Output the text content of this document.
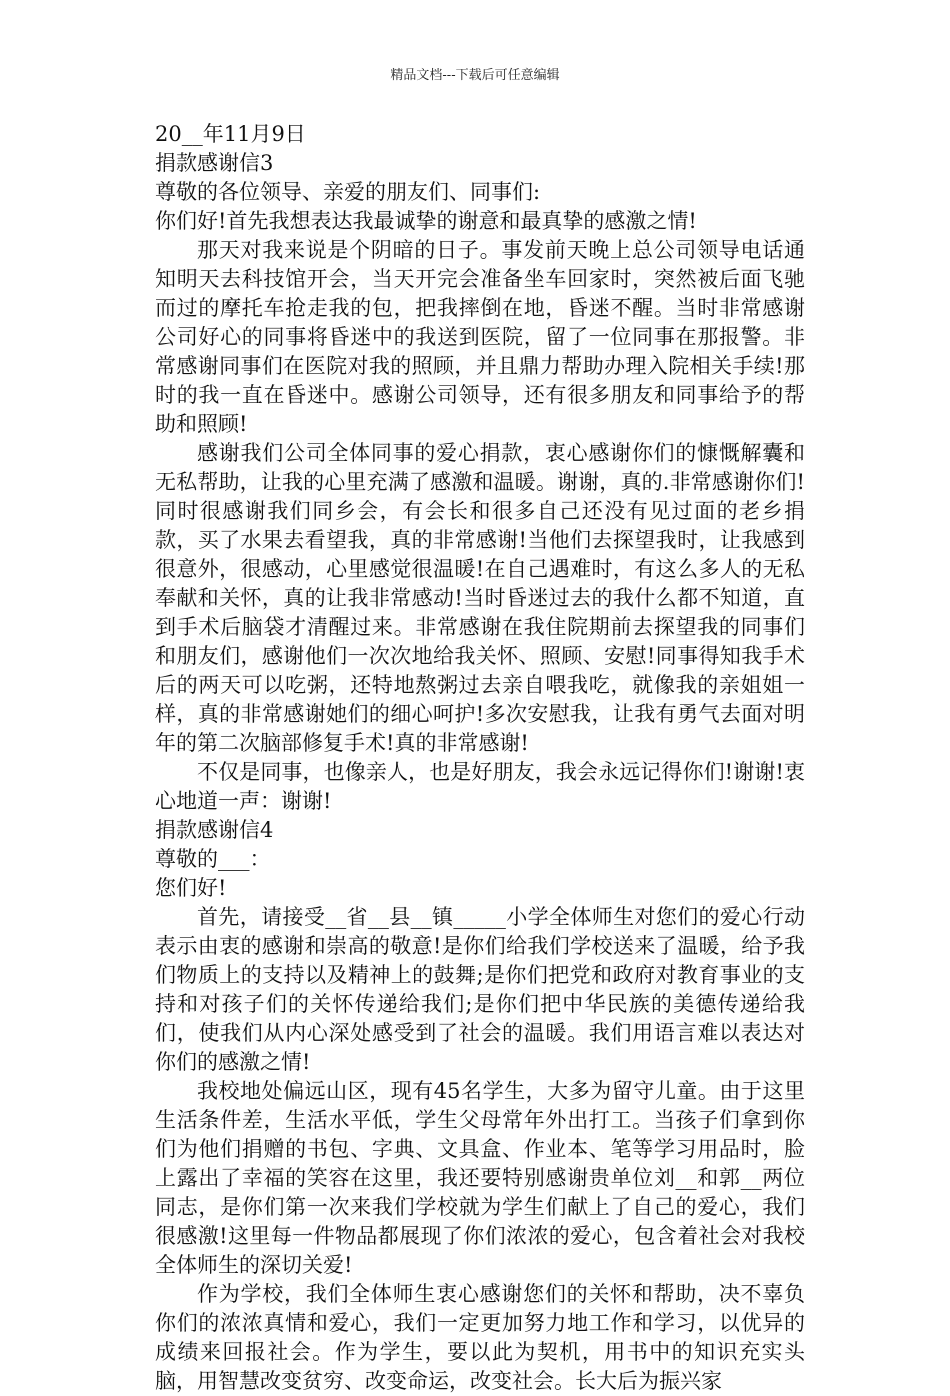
精品文档---下载后可任意编辑

20__年11月9日

捐款感谢信3

尊敬的各位领导、亲爱的朋友们、同事们:

你们好!首先我想表达我最诚挚的谢意和最真挚的感激之情!

那天对我来说是个阴暗的日子。事发前天晚上总公司领导电话通知明天去科技馆开会，当天开完会准备坐车回家时，突然被后面飞驰而过的摩托车抢走我的包，把我摔倒在地，昏迷不醒。当时非常感谢公司好心的同事将昏迷中的我送到医院，留了一位同事在那报警。非常感谢同事们在医院对我的照顾，并且鼎力帮助办理入院相关手续!那时的我一直在昏迷中。感谢公司领导，还有很多朋友和同事给予的帮助和照顾!

感谢我们公司全体同事的爱心捐款，衷心感谢你们的慷慨解囊和无私帮助，让我的心里充满了感激和温暖。谢谢，真的.非常感谢你们!同时很感谢我们同乡会，有会长和很多自己还没有见过面的老乡捐款，买了水果去看望我，真的非常感谢!当他们去探望我时，让我感到很意外，很感动，心里感觉很温暖!在自己遇难时，有这么多人的无私奉献和关怀，真的让我非常感动!当时昏迷过去的我什么都不知道，直到手术后脑袋才清醒过来。非常感谢在我住院期前去探望我的同事们和朋友们，感谢他们一次次地给我关怀、照顾、安慰!同事得知我手术后的两天可以吃粥，还特地熬粥过去亲自喂我吃，就像我的亲姐姐一样，真的非常感谢她们的细心呵护!多次安慰我，让我有勇气去面对明年的第二次脑部修复手术!真的非常感谢!

不仅是同事，也像亲人，也是好朋友，我会永远记得你们!谢谢!衷心地道一声：谢谢!

捐款感谢信4

尊敬的___：

您们好!

首先，请接受__省__县__镇_____小学全体师生对您们的爱心行动表示由衷的感谢和崇高的敬意!是你们给我们学校送来了温暖，给予我们物质上的支持以及精神上的鼓舞;是你们把党和政府对教育事业的支持和对孩子们的关怀传递给我们;是你们把中华民族的美德传递给我们，使我们从内心深处感受到了社会的温暖。我们用语言难以表达对你们的感激之情!

我校地处偏远山区，现有45名学生，大多为留守儿童。由于这里生活条件差，生活水平低，学生父母常年外出打工。当孩子们拿到你们为他们捐赠的书包、字典、文具盒、作业本、笔等学习用品时，脸上露出了幸福的笑容在这里，我还要特别感谢贵单位刘__和郭__两位同志，是你们第一次来我们学校就为学生们献上了自己的爱心，我们很感激!这里每一件物品都展现了你们浓浓的爱心，包含着社会对我校全体师生的深切关爱!

作为学校，我们全体师生衷心感谢您们的关怀和帮助，决不辜负你们的浓浓真情和爱心，我们一定更加努力地工作和学习，以优异的成绩来回报社会。作为学生，要以此为契机，用书中的知识充实头脑，用智慧改变贫穷、改变命运，改变社会。长大后为振兴家
